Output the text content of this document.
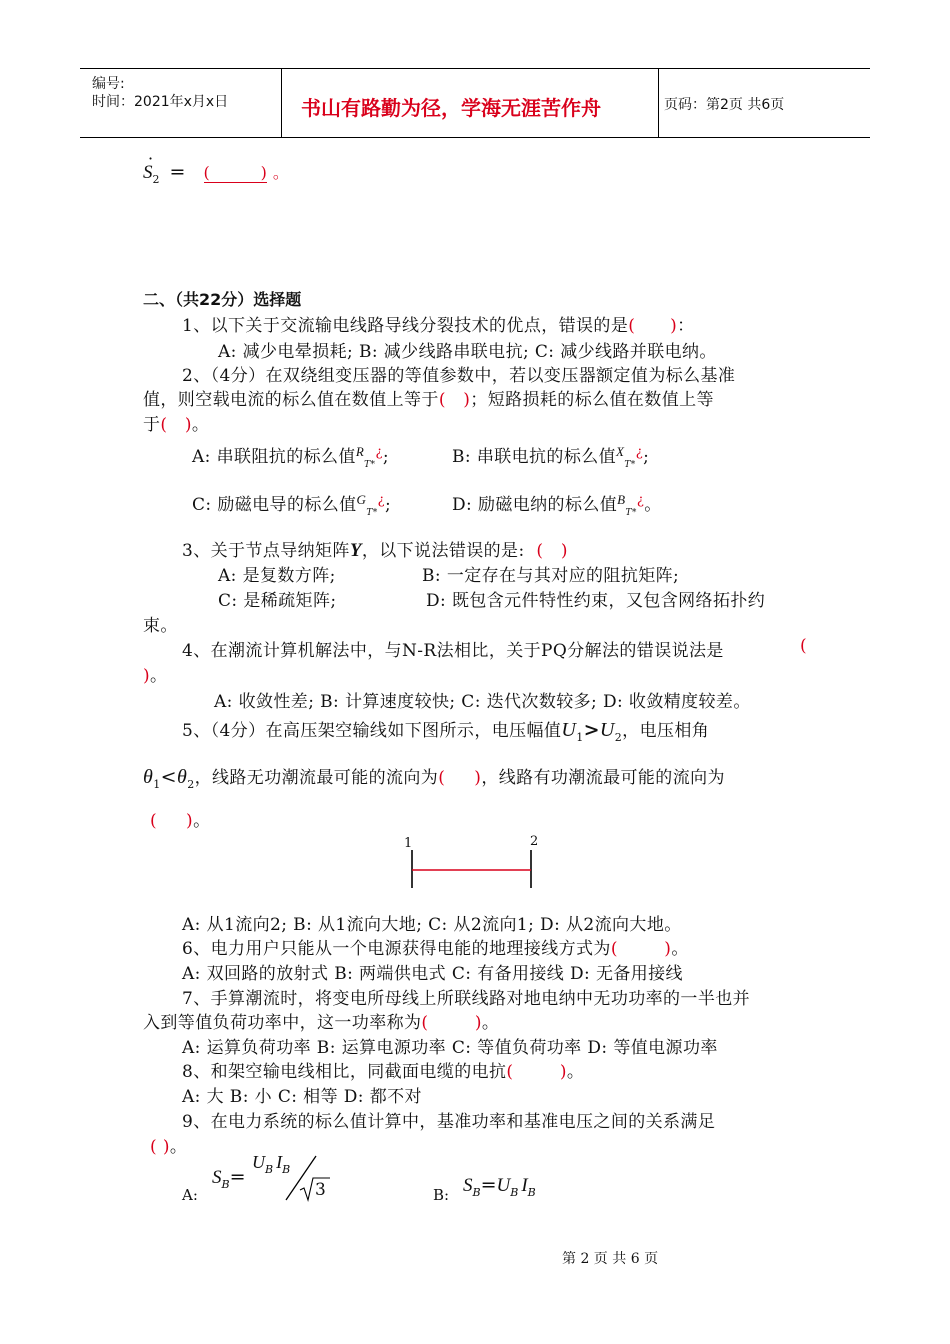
编号:
时间：2021年x月x日	书山有路勤为径，学海无涯苦作舟	页码：第2页 共6页
·
$S_2$ = (          ) 。
二、（共22分）选择题
1、以下关于交流输电线路导线分裂技术的优点，错误的是(      )：
A: 减少电晕损耗; B: 减少线路串联电抗; C: 减少线路并联电纳。
2、（4分）在双绕组变压器的等值参数中，若以变压器额定值为标么基准
值，则空载电流的标么值在数值上等于(   )；短路损耗的标么值在数值上等
于(   )。
A: 串联阻抗的标么值$^R_{T*}$¿;	B: 串联电抗的标么值$^X_{T*}$¿;
C: 励磁电导的标么值$^G_{T*}$¿;	D: 励磁电纳的标么值$^B_{T*}$¿。
3、关于节点导纳矩阵Y，以下说法错误的是: (   )
A: 是复数方阵;	B: 一定存在与其对应的阻抗矩阵;
C: 是稀疏矩阵;	D: 既包含元件特性约束，又包含网络拓扑约
束。
4、在潮流计算机解法中，与N-R法相比，关于PQ分解法的错误说法是	(
)。
A: 收敛性差; B: 计算速度较快; C: 迭代次数较多; D: 收敛精度较差。
5、（4分）在高压架空输线如下图所示，电压幅值$U_1>U_2$，电压相角
$\theta_1<\theta_2$，线路无功潮流最可能的流向为(     )，线路有功潮流最可能的流向为
(     )。
1	2
A: 从1流向2; B: 从1流向大地; C: 从2流向1; D: 从2流向大地。
6、电力用户只能从一个电源获得电能的地理接线方式为(        )。
A: 双回路的放射式 B: 两端供电式 C: 有备用接线 D: 无备用接线
7、手算潮流时，将变电所母线上所联线路对地电纳中无功功率的一半也并
入到等值负荷功率中，这一功率称为(        )。
A: 运算负荷功率 B: 运算电源功率 C: 等值负荷功率 D: 等值电源功率
8、和架空输电线相比，同截面电缆的电抗(        )。
A: 大 B: 小 C: 相等 D: 都不对
9、在电力系统的标么值计算中，基准功率和基准电压之间的关系满足
( )。
A:
$S_B=$
$U_B$ $I_B$
3	B: $S_B=U_B$ $I_B$
第 2 页 共 6 页
